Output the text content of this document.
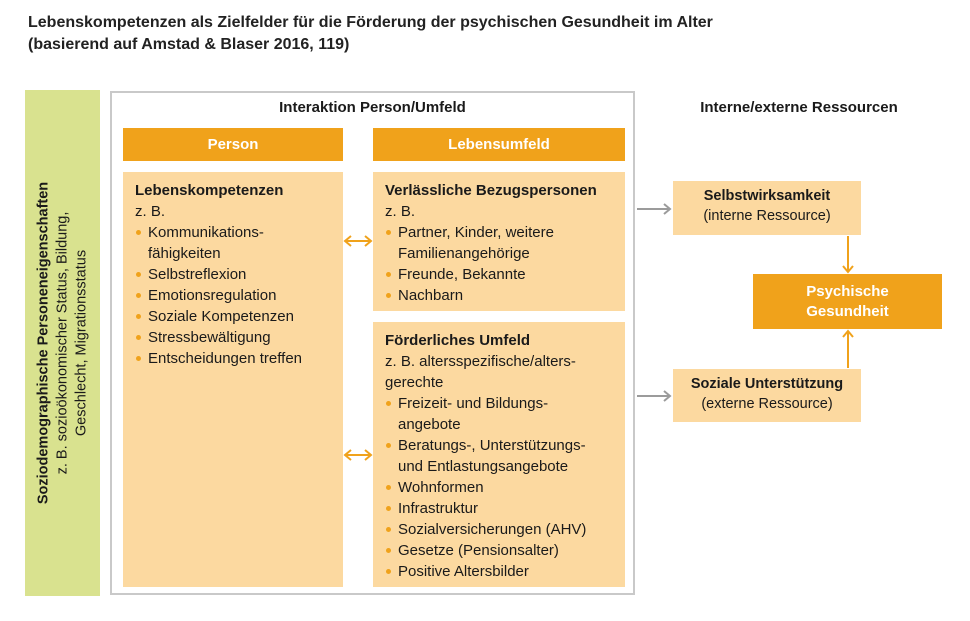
Lebenskompetenzen als Zielfelder für die Förderung der psychischen Gesundheit im Alter
(basierend auf Amstad & Blaser 2016, 119)
Soziodemographische Personeneigenschaften z. B. sozioökonomischer Status, Bildung, Geschlecht, Migrationsstatus
Interaktion Person/Umfeld
Person	Lebensumfeld
Lebenskompetenzen
z. B.
Kommunikations-
fähigkeiten
Selbstreflexion
Emotionsregulation
Soziale Kompetenzen
Stressbewältigung
Entscheidungen treffen
Verlässliche Bezugspersonen
z. B.
Partner, Kinder, weitere Familienangehörige
Freunde, Bekannte
Nachbarn
Förderliches Umfeld
z. B. altersspezifische/alters-
gerechte
Freizeit- und Bildungs-
angebote
Beratungs-, Unterstützungs-
und Entlastungsangebote
Wohnformen
Infrastruktur
Sozialversicherungen (AHV)
Gesetze (Pensionsalter)
Positive Altersbilder
Interne/externe Ressourcen
Selbstwirksamkeit
(interne Ressource)
Psychische
Gesundheit
Soziale Unterstützung
(externe Ressource)
